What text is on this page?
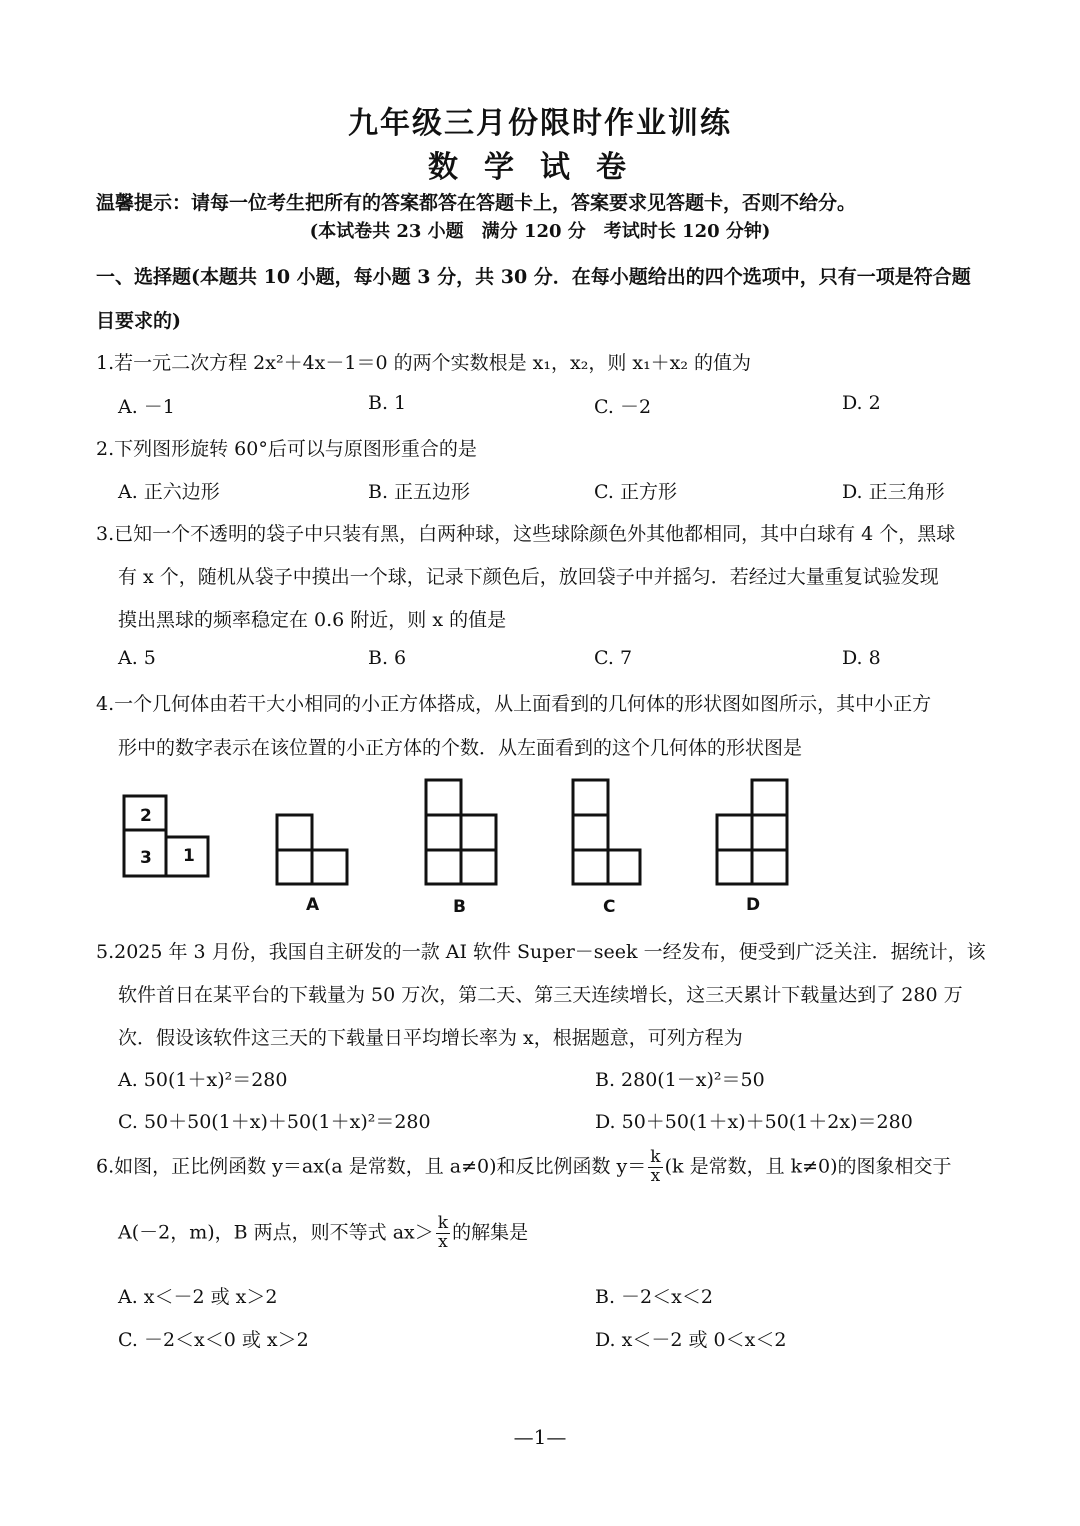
九年级三月份限时作业训练
数学试卷
温馨提示：请每一位考生把所有的答案都答在答题卡上，答案要求见答题卡，否则不给分。
(本试卷共 23 小题　满分 120 分　考试时长 120 分钟)
一、选择题(本题共 10 小题，每小题 3 分，共 30 分．在每小题给出的四个选项中，只有一项是符合题
目要求的)
1.若一元二次方程 2x²＋4x－1＝0 的两个实数根是 x₁，x₂，则 x₁＋x₂ 的值为
A. －1	B. 1	C. －2	D. 2
2.下列图形旋转 60°后可以与原图形重合的是
A. 正六边形	B. 正五边形	C. 正方形	D. 正三角形
3.已知一个不透明的袋子中只装有黑，白两种球，这些球除颜色外其他都相同，其中白球有 4 个，黑球
有 x 个，随机从袋子中摸出一个球，记录下颜色后，放回袋子中并摇匀．若经过大量重复试验发现
摸出黑球的频率稳定在 0.6 附近，则 x 的值是
A. 5	B. 6	C. 7	D. 8
4.一个几何体由若干大小相同的小正方体搭成，从上面看到的几何体的形状图如图所示，其中小正方
形中的数字表示在该位置的小正方体的个数．从左面看到的这个几何体的形状图是
2
3 1
A	B	C	D
5.2025 年 3 月份，我国自主研发的一款 AI 软件 Super－seek 一经发布，便受到广泛关注．据统计，该
软件首日在某平台的下载量为 50 万次，第二天、第三天连续增长，这三天累计下载量达到了 280 万
次．假设该软件这三天的下载量日平均增长率为 x，根据题意，可列方程为
A. 50(1＋x)²＝280	B. 280(1－x)²＝50
C. 50＋50(1＋x)＋50(1＋x)²＝280	D. 50＋50(1＋x)＋50(1＋2x)＝280
6.如图，正比例函数 y＝ax(a 是常数，且 a≠0)和反比例函数 $y= \frac{k}{x} (k$ 是常数，且 k≠0)的图象相交于
A(－2，m)，B 两点，则不等式 $ax> \frac{k}{x}$ 的解集是
A. x＜－2 或 x＞2	B. －2＜x＜2
C. －2＜x＜0 或 x＞2	D. x＜－2 或 0＜x＜2
—1—
